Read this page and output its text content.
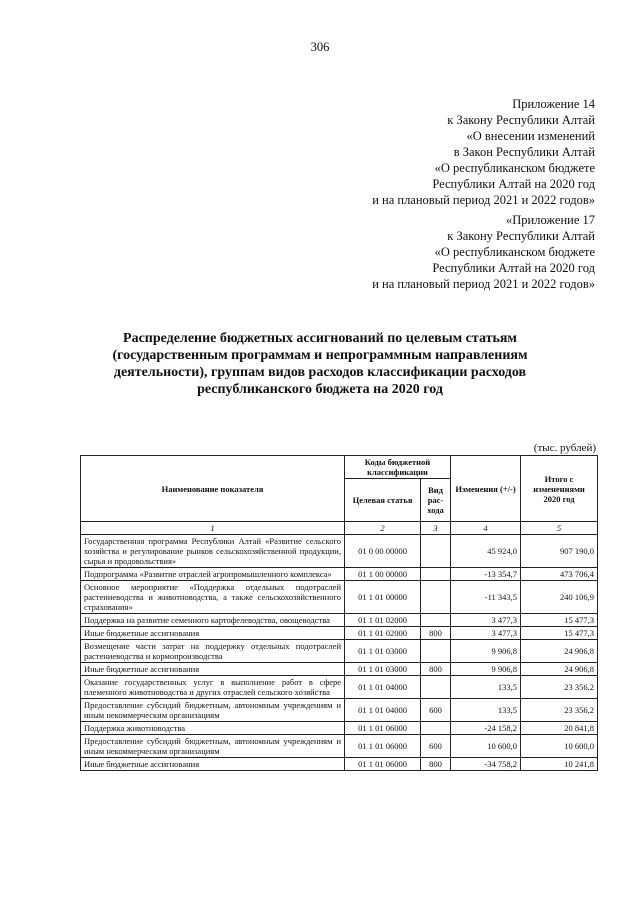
306
Приложение 14
к Закону Республики Алтай
«О внесении изменений
в Закон Республики Алтай
«О республиканском бюджете
Республики Алтай на 2020 год
и на плановый период 2021 и 2022 годов»
«Приложение 17
к Закону Республики Алтай
«О республиканском бюджете
Республики Алтай на 2020 год
и на плановый период 2021 и 2022 годов»
Распределение бюджетных ассигнований по целевым статьям
(государственным программам и непрограммным направлениям
деятельности), группам видов расходов классификации расходов
республиканского бюджета на 2020 год
(тыс. рублей)
Наименование показателя	Коды бюджетной классификации		Изменения (+/-)	Итого с изменениями 2020 год
	Целевая статья	Вид рас-хода		
1	2	3	4	5
Государственная программа Республики Алтай «Развитие сельского хозяйства и регулирование рынков сельскохозяйственной продукции, сырья и продовольствия»	01 0 00 00000		45 924,0	907 190,0
Подпрограмма «Развитие отраслей агропромышленного комплекса»	01 1 00 00000		-13 354,7	473 706,4
Основное мероприятие «Поддержка отдельных подотраслей растениеводства и животноводства, а также сельскохозяйственного страхования»	01 1 01 00000		-11 343,5	240 106,9
Поддержка на развитие семенного картофелеводства, овощеводства	01 1 01 02000		3 477,3	15 477,3
Иные бюджетные ассигнования	01 1 01 02000	800	3 477,3	15 477,3
Возмещение части затрат на поддержку отдельных подотраслей растениеводства и кормопроизводства	01 1 01 03000		9 906,8	24 906,8
Иные бюджетные ассигнования	01 1 01 03000	800	9 906,8	24 906,8
Оказание государственных услуг в выполнение работ в сфере племенного животноводства и других отраслей сельского хозяйства	01 1 01 04000		133,5	23 356,2
Предоставление субсидий бюджетным, автономным учреждениям и иным некоммерческим организациям	01 1 01 04000	600	133,5	23 356,2
Поддержка животноводства	01 1 01 06000		-24 158,2	20 841,8
Предоставление субсидий бюджетным, автономным учреждениям и иным некоммерческим организациям	01 1 01 06000	600	10 600,0	10 600,0
Иные бюджетные ассигнования	01 1 01 06000	800	-34 758,2	10 241,8
